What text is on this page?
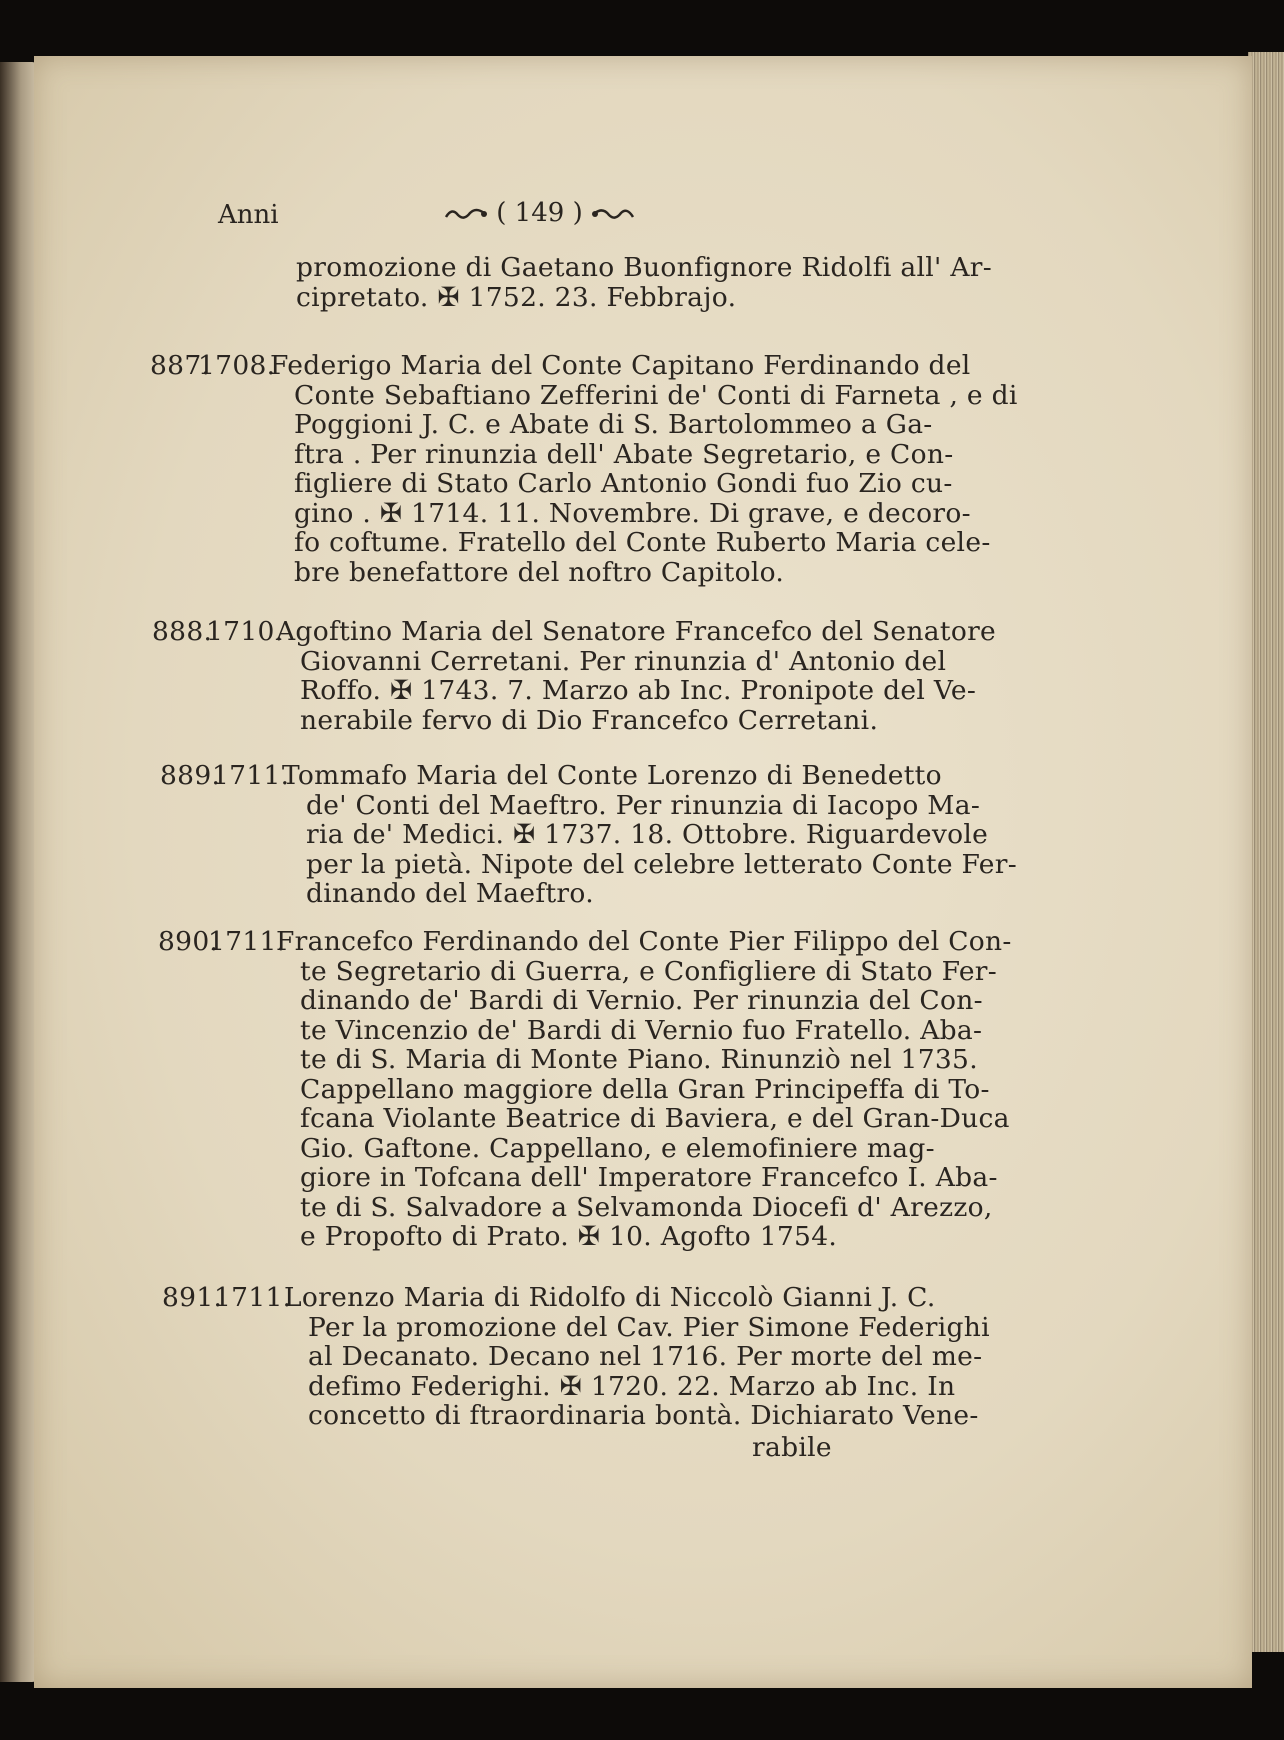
Anni	( 149 )
promozione di Gaetano Buonfignore Ridolfi all' Ar-
cipretato. ✠ 1752. 23. Febbrajo.
887.
1708.
Federigo Maria del Conte Capitano Ferdinando del
Conte Sebaftiano Zefferini de' Conti di Farneta , e di
Poggioni J. C. e Abate di S. Bartolommeo a Ga-
ftra . Per rinunzia dell' Abate Segretario, e Con-
figliere di Stato Carlo Antonio Gondi fuo Zio cu-
gino . ✠ 1714. 11. Novembre. Di grave, e decoro-
fo coftume. Fratello del Conte Ruberto Maria cele-
bre benefattore del noftro Capitolo.
888.
1710.
Agoftino Maria del Senatore Francefco del Senatore
Giovanni Cerretani. Per rinunzia d' Antonio del
Roffo. ✠ 1743. 7. Marzo ab Inc. Pronipote del Ve-
nerabile fervo di Dio Francefco Cerretani.
889.
1711.
Tommafo Maria del Conte Lorenzo di Benedetto
de' Conti del Maeftro. Per rinunzia di Iacopo Ma-
ria de' Medici. ✠ 1737. 18. Ottobre. Riguardevole
per la pietà. Nipote del celebre letterato Conte Fer-
dinando del Maeftro.
890.
1711.
Francefco Ferdinando del Conte Pier Filippo del Con-
te Segretario di Guerra, e Configliere di Stato Fer-
dinando de' Bardi di Vernio. Per rinunzia del Con-
te Vincenzio de' Bardi di Vernio fuo Fratello. Aba-
te di S. Maria di Monte Piano. Rinunziò nel 1735.
Cappellano maggiore della Gran Principeffa di To-
fcana Violante Beatrice di Baviera, e del Gran-Duca
Gio. Gaftone. Cappellano, e elemofiniere mag-
giore in Tofcana dell' Imperatore Francefco I. Aba-
te di S. Salvadore a Selvamonda Diocefi d' Arezzo,
e Propofto di Prato. ✠ 10. Agofto 1754.
891.
1711.
Lorenzo Maria di Ridolfo di Niccolò Gianni J. C.
Per la promozione del Cav. Pier Simone Federighi
al Decanato. Decano nel 1716. Per morte del me-
defimo Federighi. ✠ 1720. 22. Marzo ab Inc. In
concetto di ftraordinaria bontà. Dichiarato Vene-
rabile
